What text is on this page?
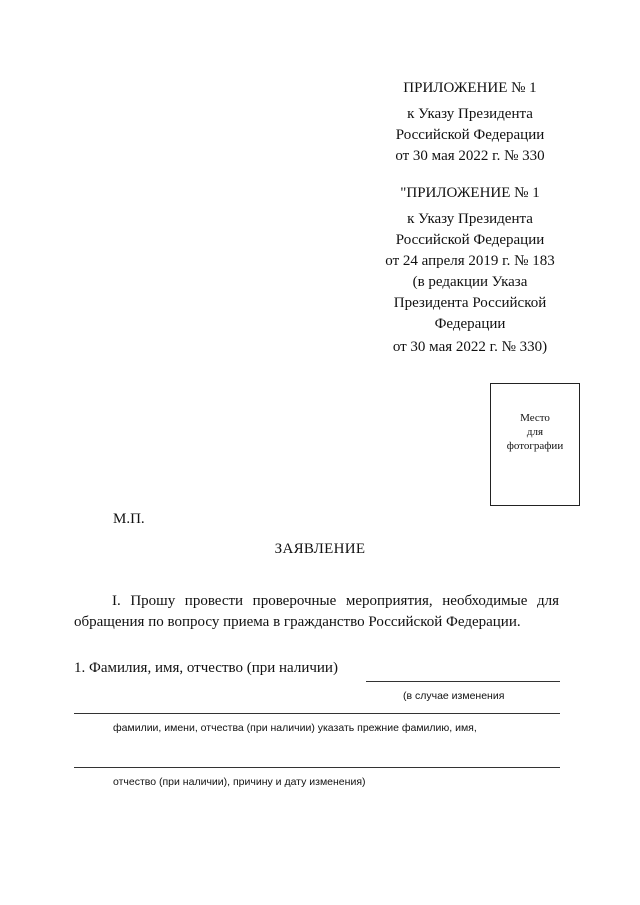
ПРИЛОЖЕНИЕ № 1
к Указу Президента
Российской Федерации
от 30 мая 2022 г. № 330
"ПРИЛОЖЕНИЕ № 1
к Указу Президента
Российской Федерации
от 24 апреля 2019 г. № 183
(в редакции Указа
Президента Российской
Федерации
от 30 мая 2022 г. № 330)
Место
для
фотографии
М.П.
ЗАЯВЛЕНИЕ
I. Прошу провести проверочные мероприятия, необходимые для обращения по вопросу приема в гражданство Российской Федерации.
1. Фамилия, имя, отчество (при наличии)
(в случае изменения
фамилии, имени, отчества (при наличии) указать прежние фамилию, имя,
отчество (при наличии), причину и дату изменения)
